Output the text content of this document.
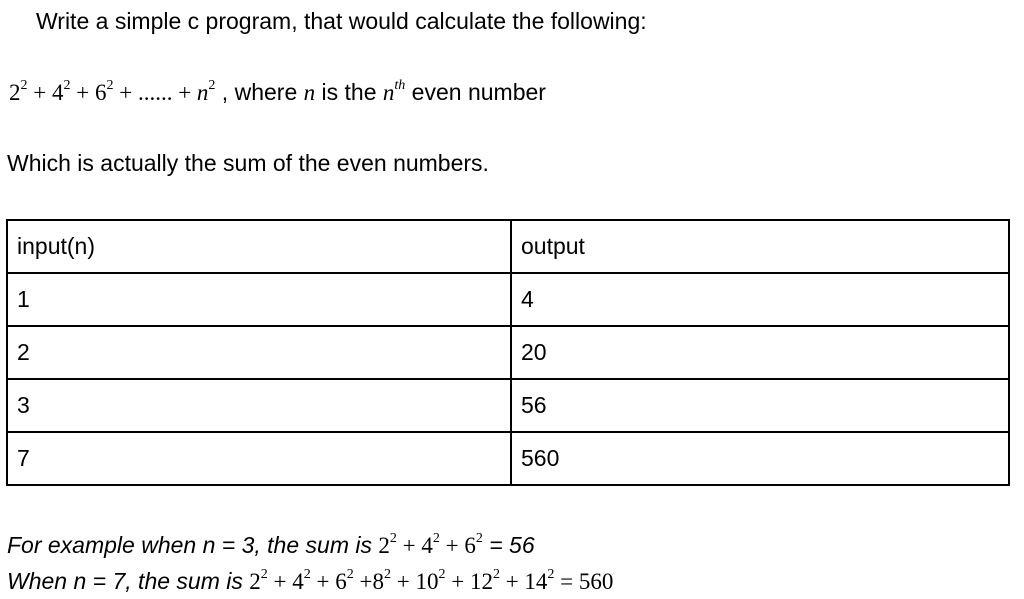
Write a simple c program, that would calculate the following:
$2^2 + 4^2 + 6^2$ + ...... + $n^2$ , where n is the $n^{th}$ even number
Which is actually the sum of the even numbers.
input(n)	output
1	4
2	20
3	56
7	560
For example when n = 3, the sum is $2^2 + 4^2 + 6^2 = 56$
When n = 7, the sum is $2^2 + 4^2 + 6^2 +8^2 + 10^2 + 12^2 + 14^2 = 560$
